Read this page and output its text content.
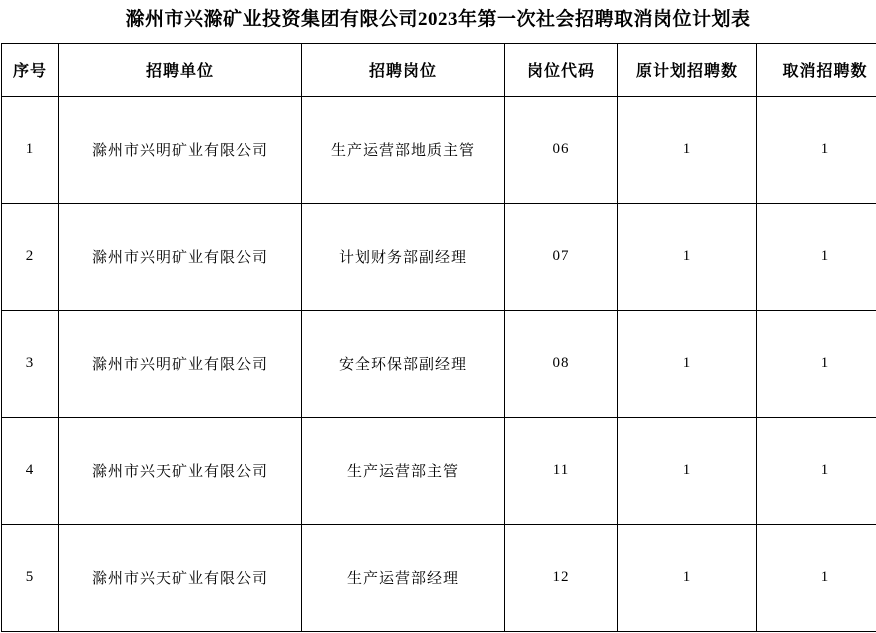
滁州市兴滁矿业投资集团有限公司2023年第一次社会招聘取消岗位计划表
序号	招聘单位	招聘岗位	岗位代码	原计划招聘数	取消招聘数
1	滁州市兴明矿业有限公司	生产运营部地质主管	06	1	1
2	滁州市兴明矿业有限公司	计划财务部副经理	07	1	1
3	滁州市兴明矿业有限公司	安全环保部副经理	08	1	1
4	滁州市兴天矿业有限公司	生产运营部主管	11	1	1
5	滁州市兴天矿业有限公司	生产运营部经理	12	1	1
